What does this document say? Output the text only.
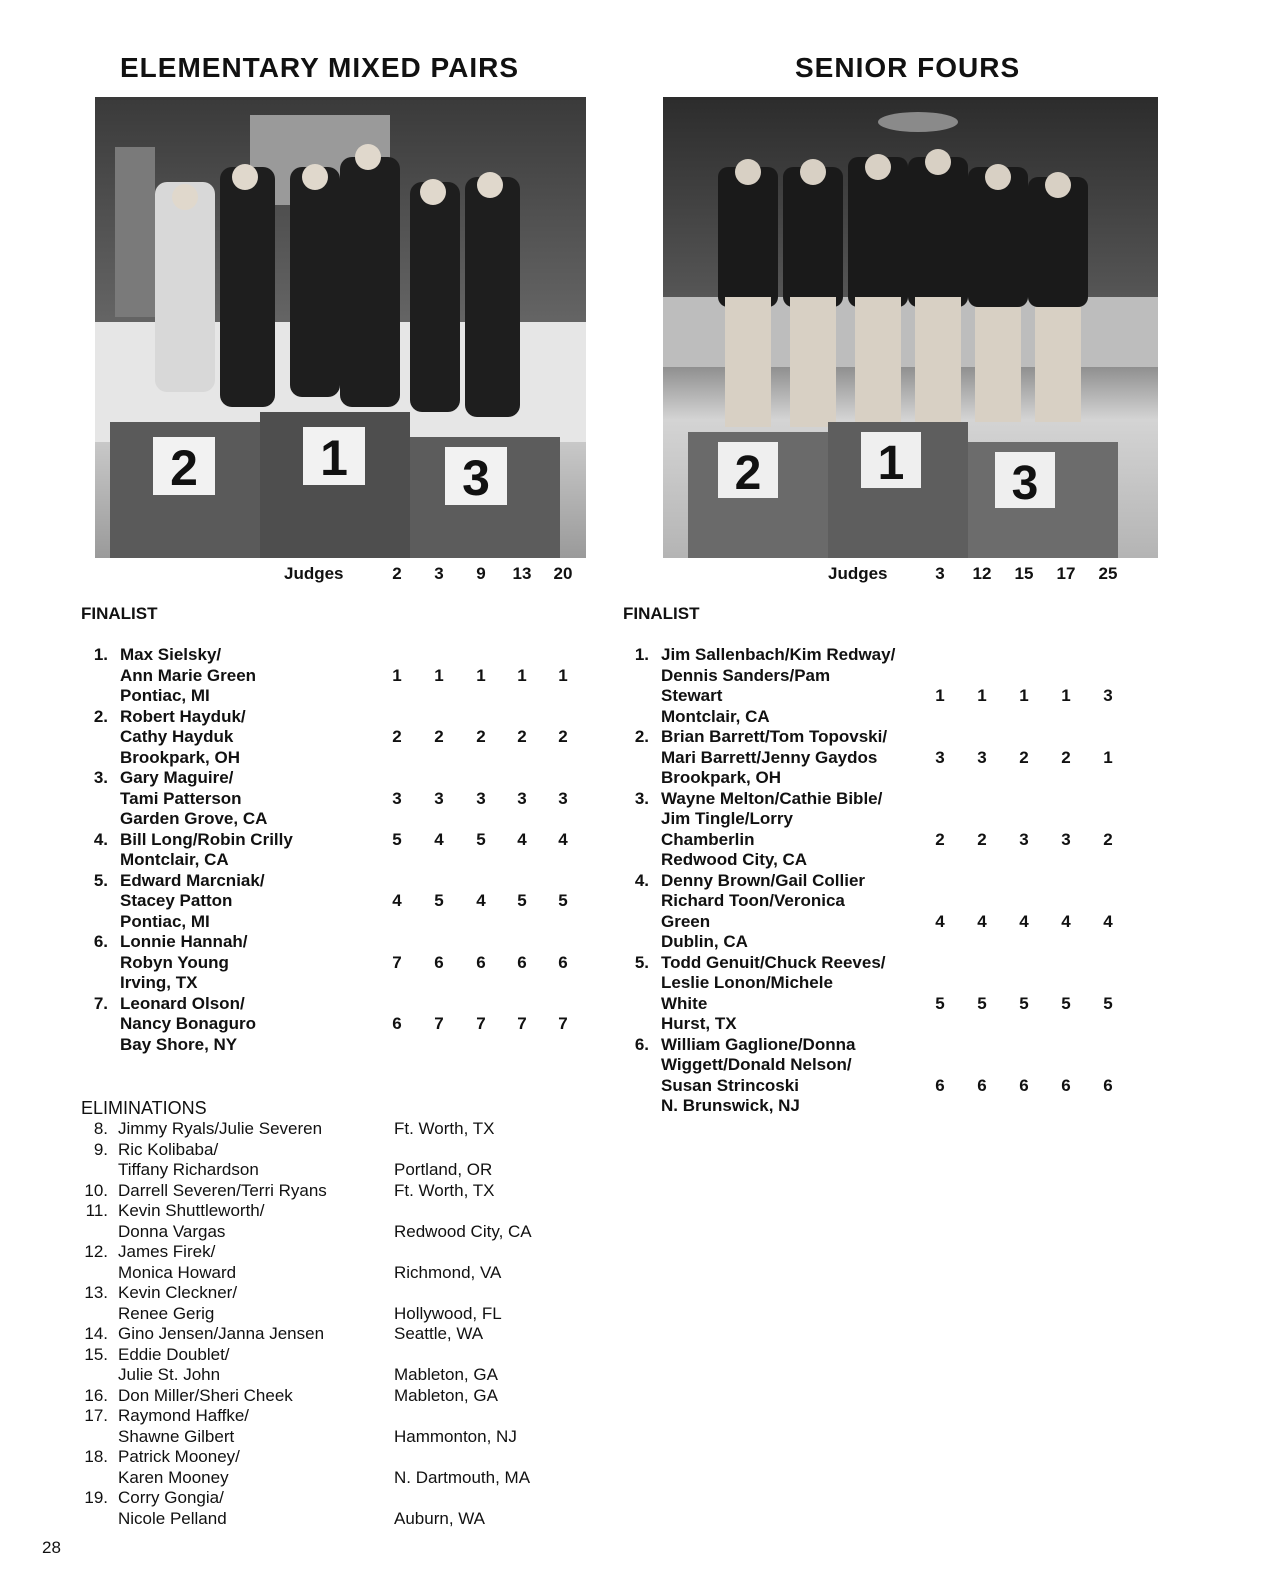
ELEMENTARY MIXED PAIRS	SENIOR FOURS
2 1 3	2 1 3
Judges	2	3	9	13	20	Judges	3	12	15	17	25
FINALIST	FINALIST
1. Max Sielsky/
Ann Marie Green
Pontiac, MI
1	1	1	1	1
2. Robert Hayduk/
Cathy Hayduk
Brookpark, OH
2	2	2	2	2
3. Gary Maguire/
Tami Patterson
Garden Grove, CA
3	3	3	3	3
4. Bill Long/Robin Crilly
Montclair, CA
5	4	5	4	4
5. Edward Marcniak/
Stacey Patton
Pontiac, MI
4	5	4	5	5
6. Lonnie Hannah/
Robyn Young
Irving, TX
7	6	6	6	6
7. Leonard Olson/
Nancy Bonaguro
Bay Shore, NY
6	7	7	7	7
1. Jim Sallenbach/Kim Redway/
Dennis Sanders/Pam
Stewart
Montclair, CA
1	1	1	1	3
2. Brian Barrett/Tom Topovski/
Mari Barrett/Jenny Gaydos
Brookpark, OH
3	3	2	2	1
3. Wayne Melton/Cathie Bible/
Jim Tingle/Lorry
Chamberlin
Redwood City, CA
2	2	3	3	2
4. Denny Brown/Gail Collier
Richard Toon/Veronica
Green
Dublin, CA
4	4	4	4	4
5. Todd Genuit/Chuck Reeves/
Leslie Lonon/Michele
White
Hurst, TX
5	5	5	5	5
6. William Gaglione/Donna
Wiggett/Donald Nelson/
Susan Strincoski
N. Brunswick, NJ
6	6	6	6	6
ELIMINATIONS
8. Jimmy Ryals/Julie Severen	Ft. Worth, TX
9. Ric Kolibaba/
Tiffany Richardson	Portland, OR
10. Darrell Severen/Terri Ryans	Ft. Worth, TX
11. Kevin Shuttleworth/
Donna Vargas	Redwood City, CA
12. James Firek/
Monica Howard	Richmond, VA
13. Kevin Cleckner/
Renee Gerig	Hollywood, FL
14. Gino Jensen/Janna Jensen	Seattle, WA
15. Eddie Doublet/
Julie St. John	Mableton, GA
16. Don Miller/Sheri Cheek	Mableton, GA
17. Raymond Haffke/
Shawne Gilbert	Hammonton, NJ
18. Patrick Mooney/
Karen Mooney	N. Dartmouth, MA
19. Corry Gongia/
Nicole Pelland	Auburn, WA
28
